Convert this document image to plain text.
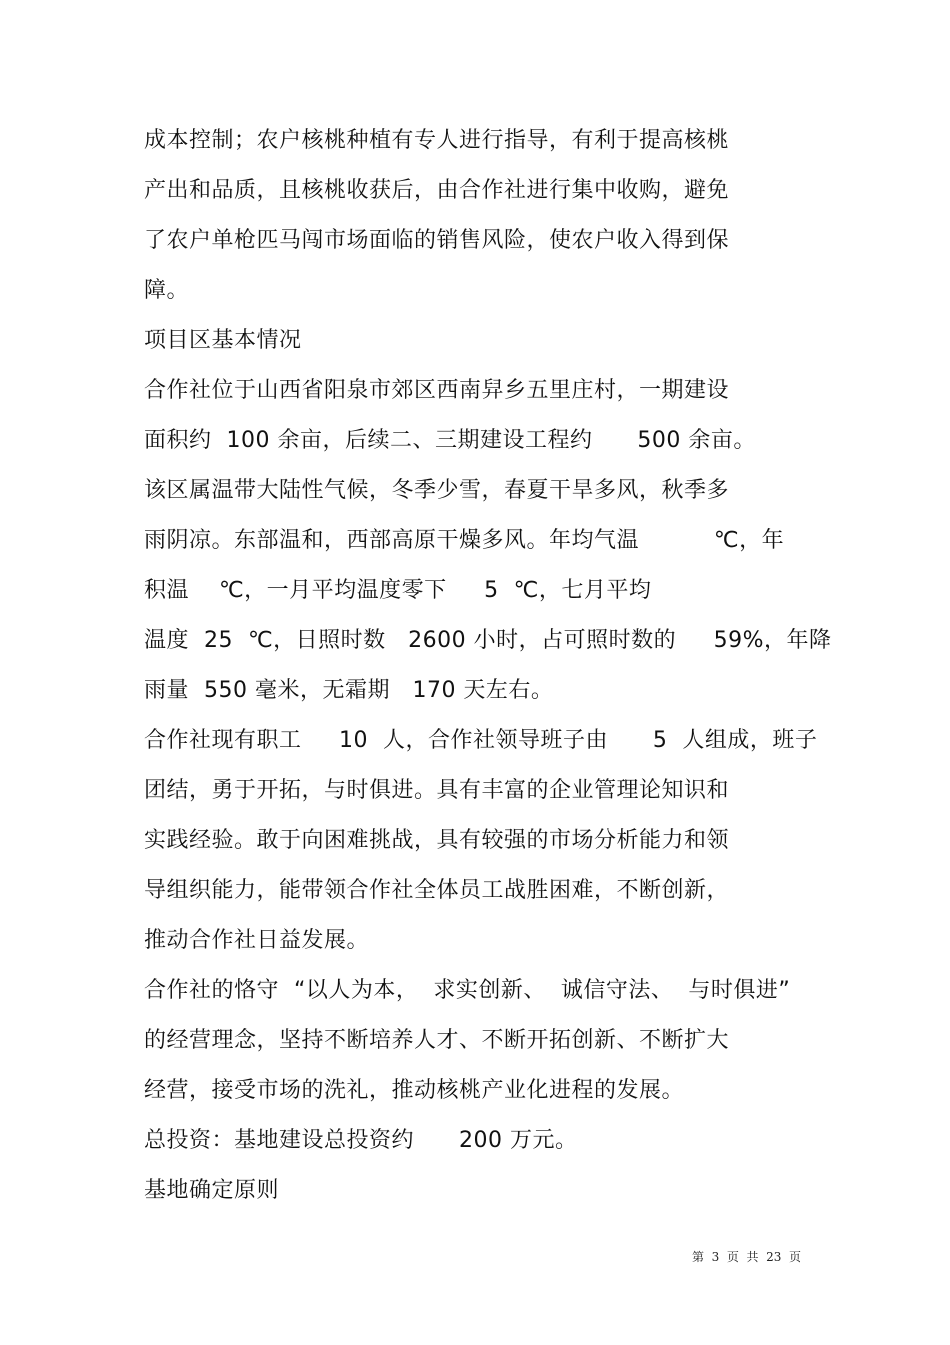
成本控制；农户核桃种植有专人进行指导，有利于提高核桃
产出和品质，且核桃收获后，由合作社进行集中收购，避免
了农户单枪匹马闯市场面临的销售风险，使农户收入得到保
障。
项目区基本情况
合作社位于山西省阳泉市郊区西南舁乡五里庄村，一期建设
面积约  100 余亩，后续二、三期建设工程约      500 余亩。
该区属温带大陆性气候，冬季少雪，春夏干旱多风，秋季多
雨阴凉。东部温和，西部高原干燥多风。年均气温          ℃，年
积温    ℃，一月平均温度零下     5  ℃，七月平均
温度  25  ℃，日照时数   2600 小时，占可照时数的     59%，年降
雨量  550 毫米，无霜期   170 天左右。
合作社现有职工     10  人，合作社领导班子由      5  人组成，班子
团结，勇于开拓，与时俱进。具有丰富的企业管理论知识和
实践经验。敢于向困难挑战，具有较强的市场分析能力和领
导组织能力，能带领合作社全体员工战胜困难，不断创新，
推动合作社日益发展。
合作社的恪守  “以人为本，  求实创新、  诚信守法、  与时俱进”
的经营理念，坚持不断培养人才、不断开拓创新、不断扩大
经营，接受市场的洗礼，推动核桃产业化进程的发展。
总投资：基地建设总投资约      200 万元。
基地确定原则
第  3  页  共  23  页
